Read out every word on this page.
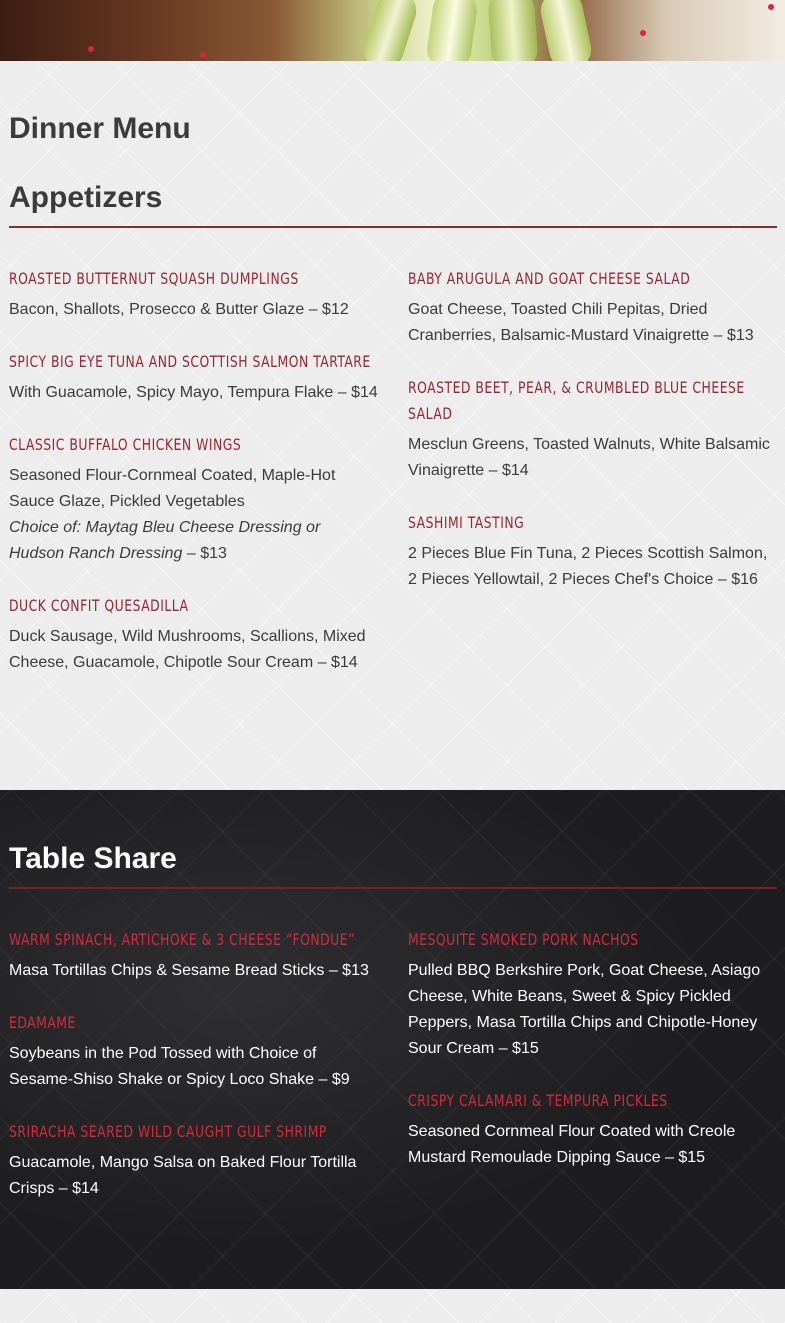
Dinner Menu
Appetizers
ROASTED BUTTERNUT SQUASH DUMPLINGS
Bacon, Shallots, Prosecco & Butter Glaze – $12
SPICY BIG EYE TUNA AND SCOTTISH SALMON TARTARE
With Guacamole, Spicy Mayo, Tempura Flake – $14
CLASSIC BUFFALO CHICKEN WINGS
Seasoned Flour-Cornmeal Coated, Maple-Hot Sauce Glaze, Pickled Vegetables
Choice of: Maytag Bleu Cheese Dressing or Hudson Ranch Dressing – $13
DUCK CONFIT QUESADILLA
Duck Sausage, Wild Mushrooms, Scallions, Mixed Cheese, Guacamole, Chipotle Sour Cream – $14
BABY ARUGULA AND GOAT CHEESE SALAD
Goat Cheese, Toasted Chili Pepitas, Dried Cranberries, Balsamic-Mustard Vinaigrette – $13
ROASTED BEET, PEAR, & CRUMBLED BLUE CHEESE SALAD
Mesclun Greens, Toasted Walnuts, White Balsamic Vinaigrette – $14
SASHIMI TASTING
2 Pieces Blue Fin Tuna, 2 Pieces Scottish Salmon, 2 Pieces Yellowtail, 2 Pieces Chef's Choice – $16
Table Share
WARM SPINACH, ARTICHOKE & 3 CHEESE “FONDUE”
Masa Tortillas Chips & Sesame Bread Sticks – $13
EDAMAME
Soybeans in the Pod Tossed with Choice of Sesame-Shiso Shake or Spicy Loco Shake – $9
SRIRACHA SEARED WILD CAUGHT GULF SHRIMP
Guacamole, Mango Salsa on Baked Flour Tortilla Crisps – $14
MESQUITE SMOKED PORK NACHOS
Pulled BBQ Berkshire Pork, Goat Cheese, Asiago Cheese, White Beans, Sweet & Spicy Pickled Peppers, Masa Tortilla Chips and Chipotle-Honey Sour Cream – $15
CRISPY CALAMARI & TEMPURA PICKLES
Seasoned Cornmeal Flour Coated with Creole Mustard Remoulade Dipping Sauce – $15
